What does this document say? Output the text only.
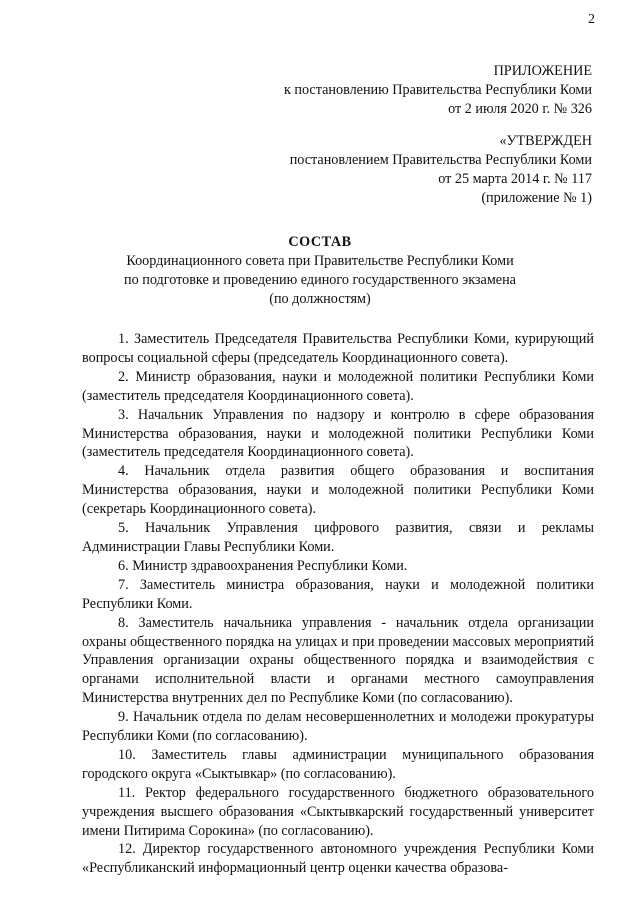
2
ПРИЛОЖЕНИЕ
к постановлению Правительства Республики Коми
от 2 июля 2020 г. № 326
«УТВЕРЖДЕН
постановлением Правительства Республики Коми
от 25 марта 2014 г. № 117
(приложение № 1)
СОСТАВ
Координационного совета при Правительстве Республики Коми
по подготовке и проведению единого государственного экзамена
(по должностям)

1. Заместитель Председателя Правительства Республики Коми, курирующий вопросы социальной сферы (председатель Координационного совета).

2. Министр образования, науки и молодежной политики Республики Коми (заместитель председателя Координационного совета).

3. Начальник Управления по надзору и контролю в сфере образования Министерства образования, науки и молодежной политики Республики Коми (заместитель председателя Координационного совета).

4. Начальник отдела развития общего образования и воспитания Министерства образования, науки и молодежной политики Республики Коми (секретарь Координационного совета).

5. Начальник Управления цифрового развития, связи и рекламы Администрации Главы Республики Коми.

6. Министр здравоохранения Республики Коми.

7. Заместитель министра образования, науки и молодежной политики Республики Коми.

8. Заместитель начальника управления - начальник отдела организации охраны общественного порядка на улицах и при проведении массовых мероприятий Управления организации охраны общественного порядка и взаимодействия с органами исполнительной власти и органами местного самоуправления Министерства внутренних дел по Республике Коми (по согласованию).

9. Начальник отдела по делам несовершеннолетних и молодежи прокуратуры Республики Коми (по согласованию).

10. Заместитель главы администрации муниципального образования городского округа «Сыктывкар» (по согласованию).

11. Ректор федерального государственного бюджетного образовательного учреждения высшего образования «Сыктывкарский государственный университет имени Питирима Сорокина» (по согласованию).

12. Директор государственного автономного учреждения Республики Коми «Республиканский информационный центр оценки качества образова-
